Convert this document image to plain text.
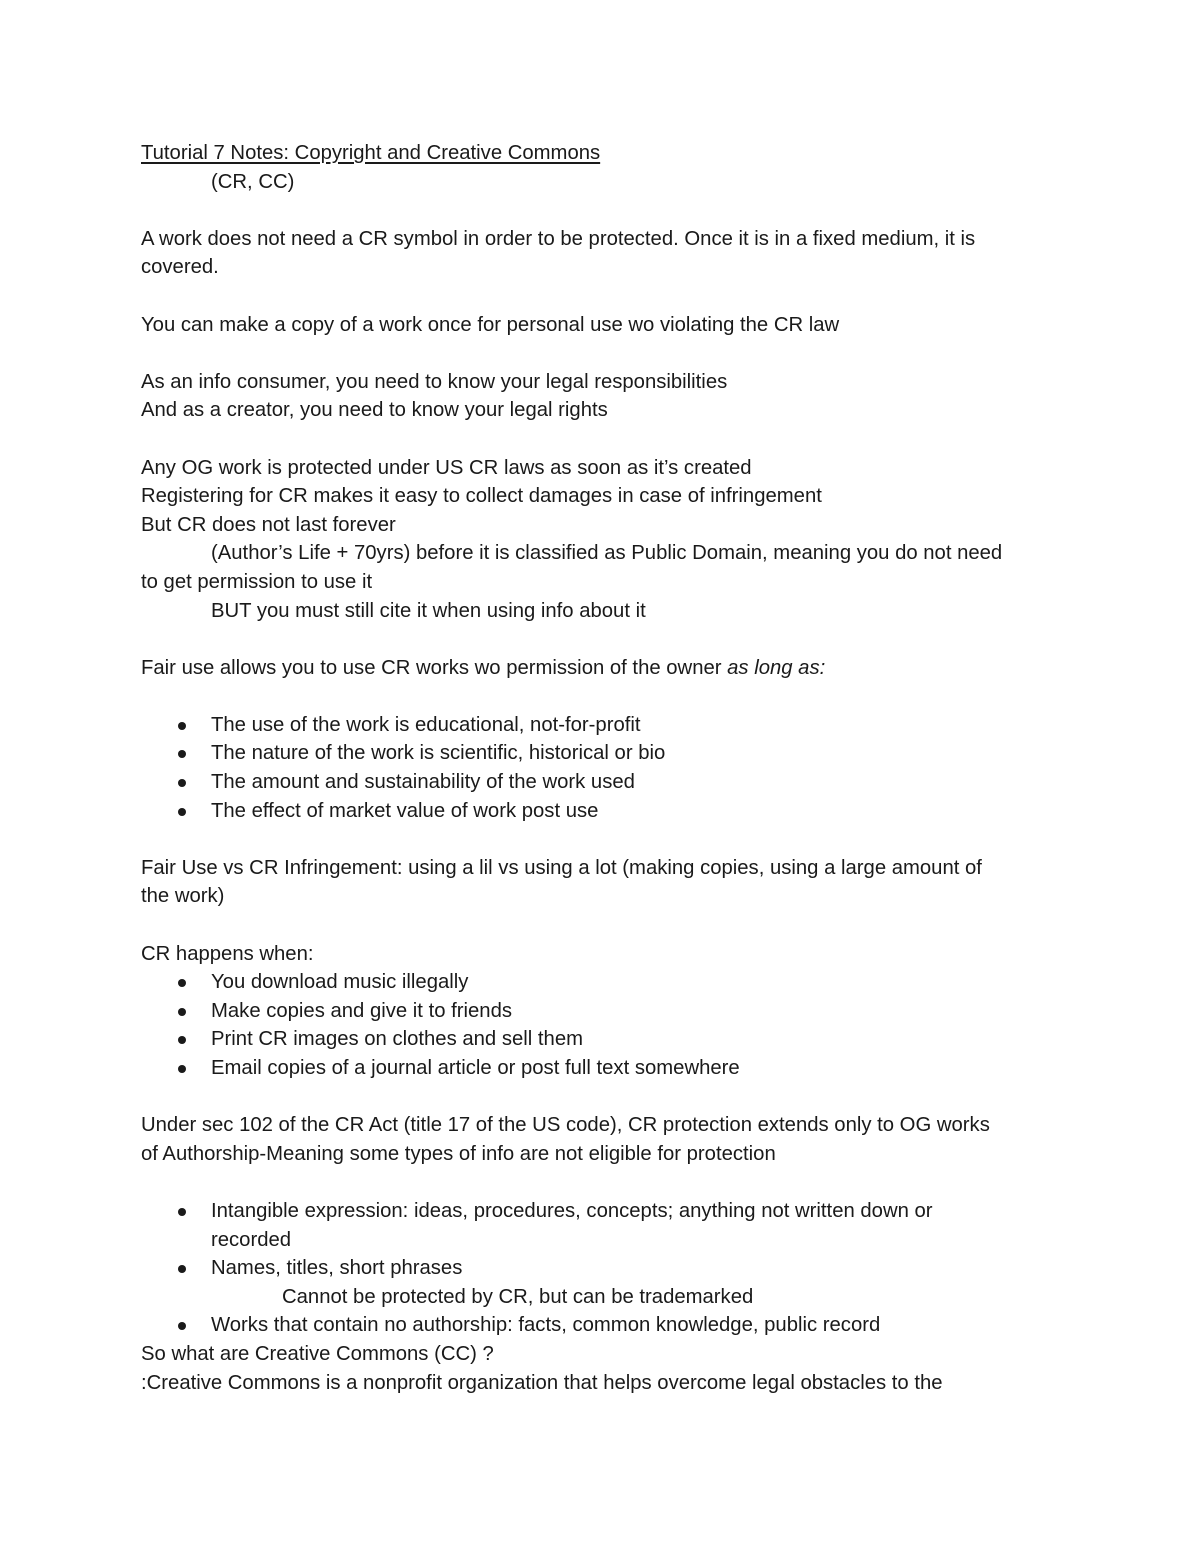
Tutorial 7 Notes: Copyright and Creative Commons

(CR, CC)

A work does not need a CR symbol in order to be protected. Once it is in a fixed medium, it is covered.

You can make a copy of a work once for personal use wo violating the CR law

As an info consumer, you need to know your legal responsibilities

And as a creator, you need to know your legal rights

Any OG work is protected under US CR laws as soon as it’s created

Registering for CR makes it easy to collect damages in case of infringement

But CR does not last forever

(Author’s Life + 70yrs) before it is classified as Public Domain, meaning you do not need

to get permission to use it

BUT you must still cite it when using info about it

Fair use allows you to use CR works wo permission of the owner as long as:

The use of the work is educational, not-for-profit
The nature of the work is scientific, historical or bio
The amount and sustainability of the work used
The effect of market value of work post use

Fair Use vs CR Infringement: using a lil vs using a lot (making copies, using a large amount of

the work)

CR happens when:

You download music illegally
Make copies and give it to friends
Print CR images on clothes and sell them
Email copies of a journal article or post full text somewhere

Under sec 102 of the CR Act (title 17 of the US code), CR protection extends only to OG works

of Authorship-Meaning some types of info are not eligible for protection

Intangible expression: ideas, procedures, concepts; anything not written down or
recorded
Names, titles, short phrases

Cannot be protected by CR, but can be trademarked

Works that contain no authorship: facts, common knowledge, public record

So what are Creative Commons (CC) ?

:Creative Commons is a nonprofit organization that helps overcome legal obstacles to the
